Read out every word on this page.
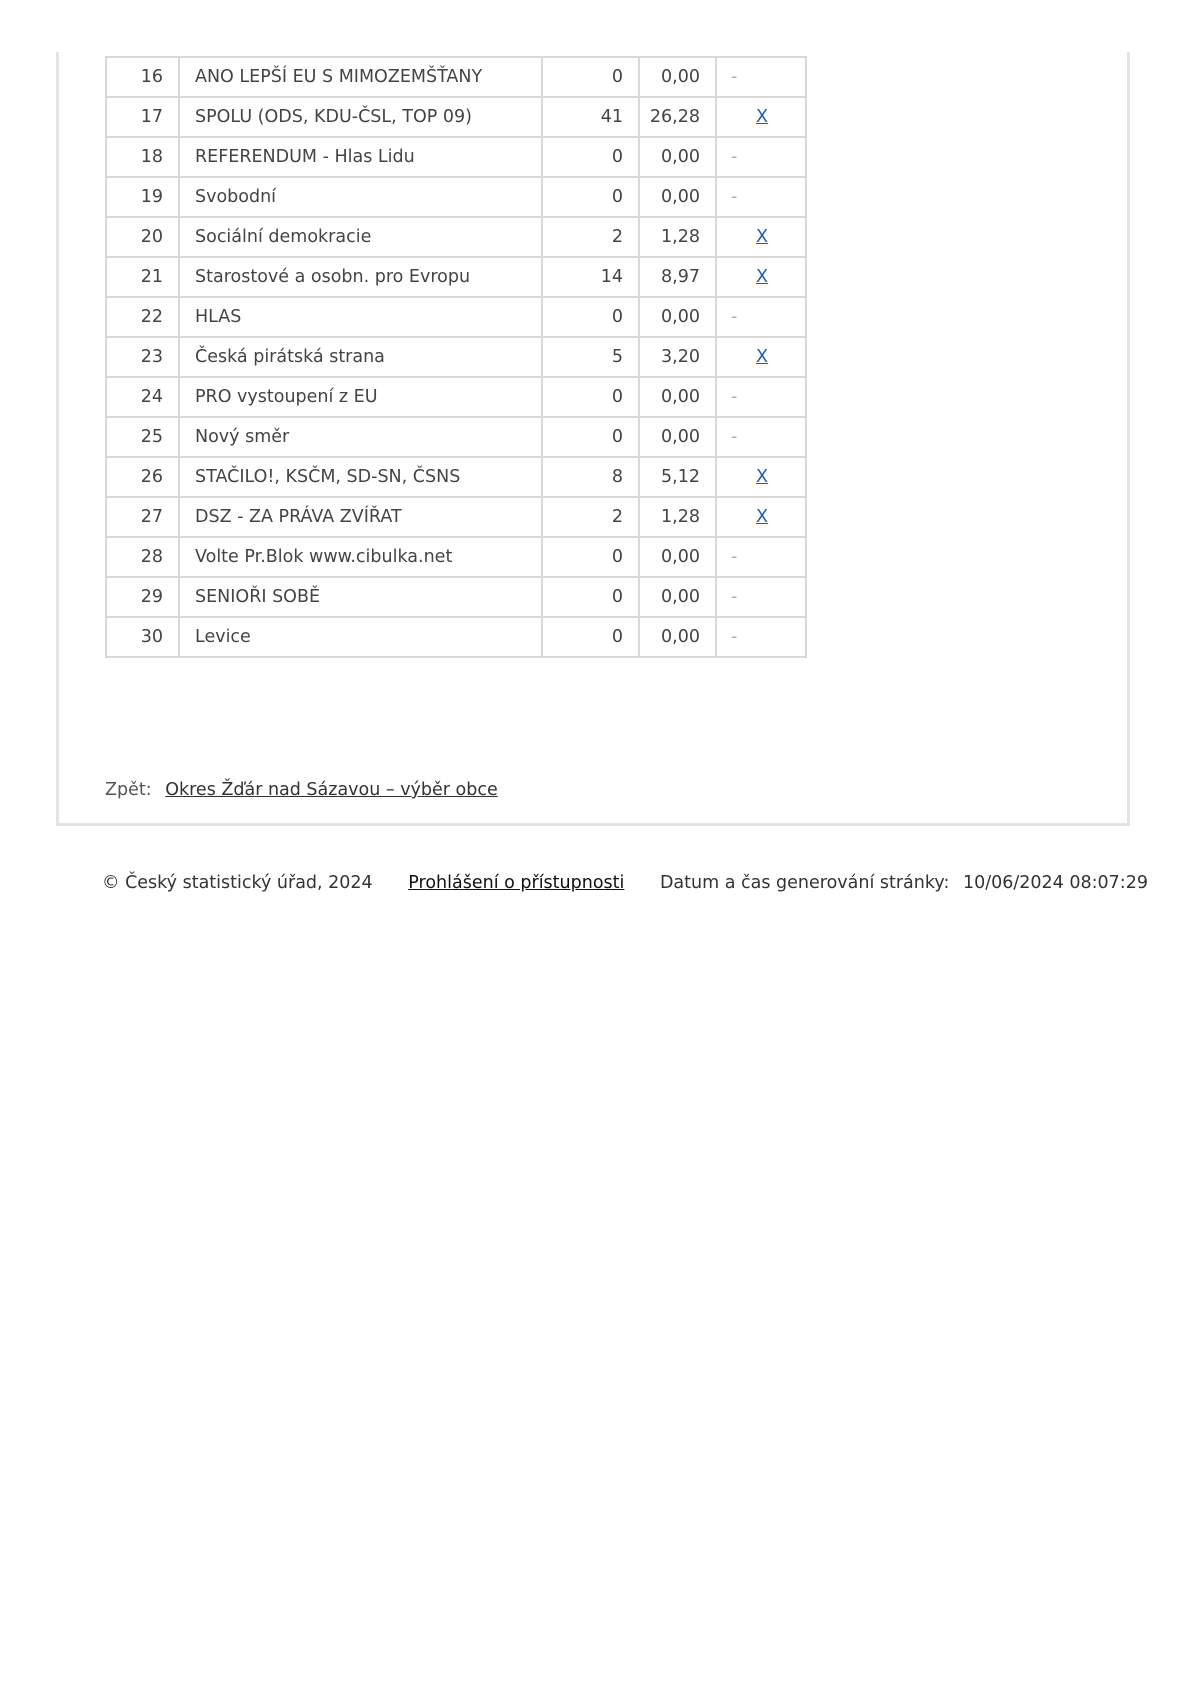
16	ANO LEPŠÍ EU S MIMOZEMŠŤANY	0	0,00	-
17	SPOLU (ODS, KDU-ČSL, TOP 09)	41	26,28	X
18	REFERENDUM - Hlas Lidu	0	0,00	-
19	Svobodní	0	0,00	-
20	Sociální demokracie	2	1,28	X
21	Starostové a osobn. pro Evropu	14	8,97	X
22	HLAS	0	0,00	-
23	Česká pirátská strana	5	3,20	X
24	PRO vystoupení z EU	0	0,00	-
25	Nový směr	0	0,00	-
26	STAČILO!, KSČM, SD-SN, ČSNS	8	5,12	X
27	DSZ - ZA PRÁVA ZVÍŘAT	2	1,28	X
28	Volte Pr.Blok www.cibulka.net	0	0,00	-
29	SENIOŘI SOBĚ	0	0,00	-
30	Levice	0	0,00	-
Zpět: Okres Žďár nad Sázavou – výběr obce
© Český statistický úřad, 2024 Prohlášení o přístupnosti Datum a čas generování stránky: 10/06/2024 08:07:29
